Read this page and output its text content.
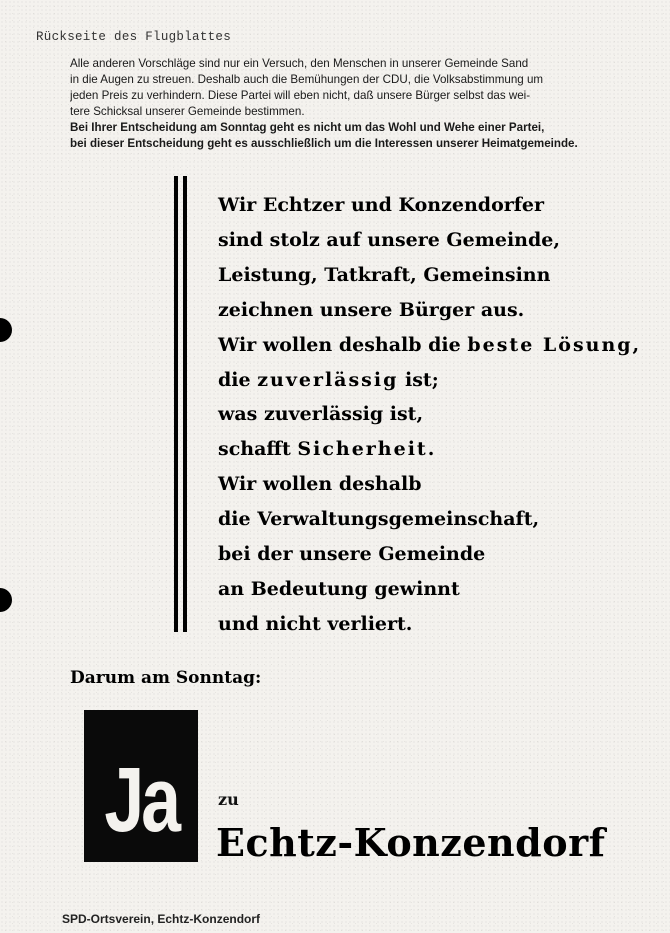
Rückseite des Flugblattes
Alle anderen Vorschläge sind nur ein Versuch, den Menschen in unserer Gemeinde Sand
in die Augen zu streuen. Deshalb auch die Bemühungen der CDU, die Volksabstimmung um
jeden Preis zu verhindern. Diese Partei will eben nicht, daß unsere Bürger selbst das wei-
tere Schicksal unserer Gemeinde bestimmen.
Bei Ihrer Entscheidung am Sonntag geht es nicht um das Wohl und Wehe einer Partei,
bei dieser Entscheidung geht es ausschließlich um die Interessen unserer Heimatgemeinde.
Wir Echtzer und Konzendorfer
sind stolz auf unsere Gemeinde,
Leistung, Tatkraft, Gemeinsinn
zeichnen unsere Bürger aus.
Wir wollen deshalb die beste Lösung,
die zuverlässig ist;
was zuverlässig ist,
schafft Sicherheit.
Wir wollen deshalb
die Verwaltungsgemeinschaft,
bei der unsere Gemeinde
an Bedeutung gewinnt
und nicht verliert.
Darum am Sonntag:
Ja	zu
Echtz-Konzendorf
SPD-Ortsverein, Echtz-Konzendorf
